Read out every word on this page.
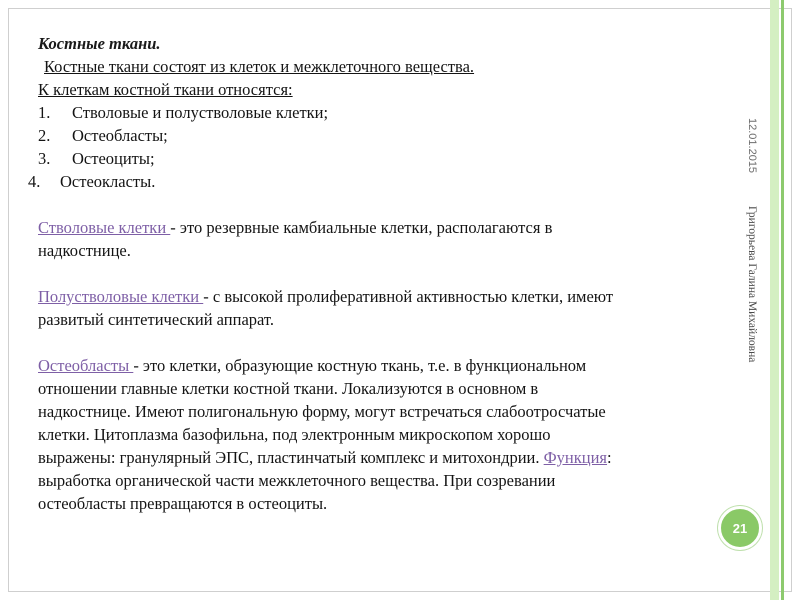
Костные ткани.

Костные ткани состоят из клеток и межклеточного вещества.

К клеткам костной ткани относятся:

1.	Стволовые и полустволовые клетки;
2.	Остеобласты;
3.	Остеоциты;
4.	Остеокласты.

Стволовые клетки - это резервные камбиальные клетки, располагаются в

надкостнице.

Полустволовые клетки - с высокой пролиферативной активностью клетки, имеют

развитый синтетический аппарат.

Остеобласты - это клетки, образующие костную ткань, т.е. в функциональном

отношении главные клетки костной ткани. Локализуются в основном в

надкостнице. Имеют полигональную форму, могут встречаться слабоотросчатые

клетки. Цитоплазма базофильна, под электронным микроскопом хорошо

выражены: гранулярный ЭПС, пластинчатый комплекс и митохондрии. Функция:

выработка органической части межклеточного вещества. При созревании

остеобласты превращаются в остеоциты.

12.01.2015
Григорьева Галина Михайловна
21
